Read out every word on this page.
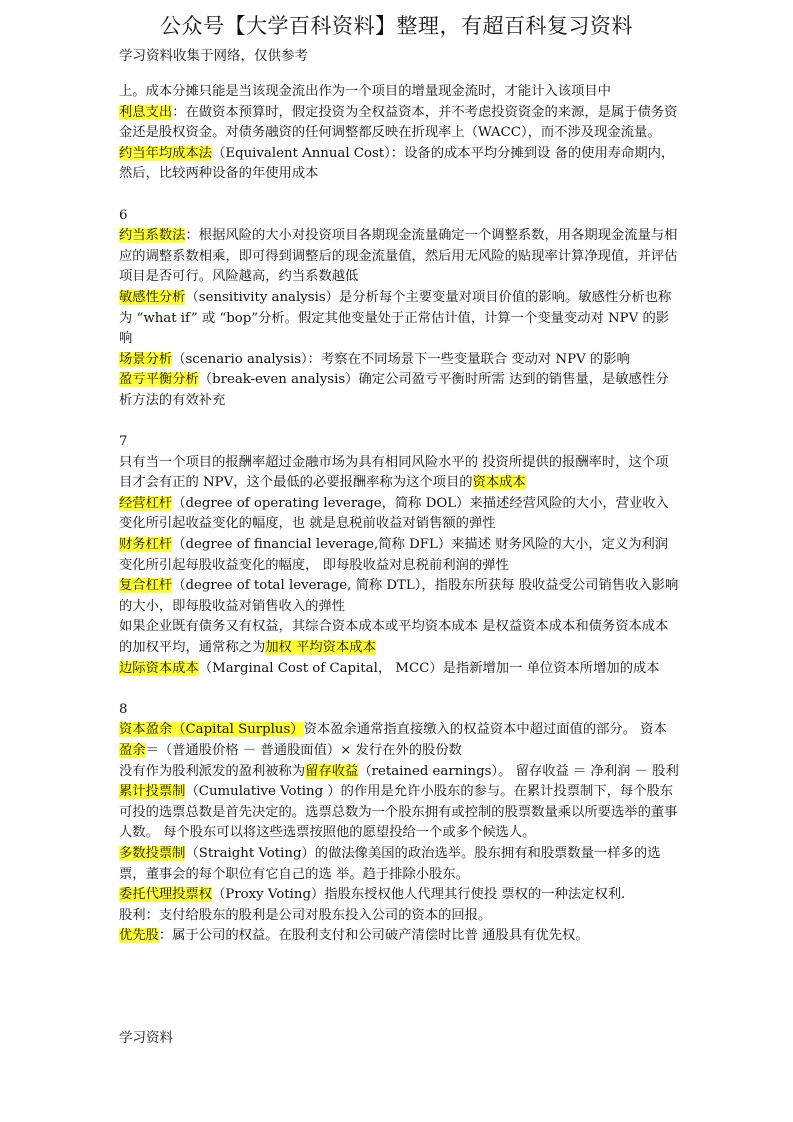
公众号【大学百科资料】整理，有超百科复习资料
学习资料收集于网络，仅供参考

上。成本分摊只能是当该现金流出作为一个项目的增量现金流时，才能计入该项目中

利息支出：在做资本预算时，假定投资为全权益资本，并不考虑投资资金的来源，是属于债务资金还是股权资金。对债务融资的任何调整都反映在折现率上（WACC），而不涉及现金流量。

约当年均成本法（Equivalent Annual Cost）：设备的成本平均分摊到设 备的使用寿命期内，然后，比较两种设备的年使用成本

6

约当系数法：根据风险的大小对投资项目各期现金流量确定一个调整系数，用各期现金流量与相应的调整系数相乘，即可得到调整后的现金流量值，然后用无风险的贴现率计算净现值，并评估项目是否可行。风险越高，约当系数越低

敏感性分析（sensitivity analysis）是分析每个主要变量对项目价值的影响。敏感性分析也称为 “what if” 或 “bop”分析。假定其他变量处于正常估计值，计算一个变量变动对 NPV 的影响

场景分析（scenario analysis）：考察在不同场景下一些变量联合 变动对 NPV 的影响

盈亏平衡分析（break-even analysis）确定公司盈亏平衡时所需 达到的销售量，是敏感性分析方法的有效补充

7

只有当一个项目的报酬率超过金融市场为具有相同风险水平的 投资所提供的报酬率时，这个项目才会有正的 NPV，这个最低的必要报酬率称为这个项目的资本成本

经营杠杆（degree of operating leverage，简称 DOL）来描述经营风险的大小，营业收入变化所引起收益变化的幅度，也 就是息税前收益对销售额的弹性

财务杠杆（degree of financial leverage,简称 DFL）来描述 财务风险的大小，定义为利润变化所引起每股收益变化的幅度， 即每股收益对息税前利润的弹性

复合杠杆（degree of total leverage, 简称 DTL），指股东所获每 股收益受公司销售收入影响的大小，即每股收益对销售收入的弹性

如果企业既有债务又有权益，其综合资本成本或平均资本成本 是权益资本成本和债务资本成本的加权平均，通常称之为加权 平均资本成本

边际资本成本（Marginal Cost of Capital， MCC）是指新增加一 单位资本所增加的成本

8

资本盈余（Capital Surplus）资本盈余通常指直接缴入的权益资本中超过面值的部分。 资本盈余＝（普通股价格 － 普通股面值）× 发行在外的股份数

没有作为股利派发的盈利被称为留存收益（retained earnings）。 留存收益 ＝ 净利润 － 股利

累计投票制（Cumulative Voting ）的作用是允许小股东的参与。在累计投票制下，每个股东可投的选票总数是首先决定的。选票总数为一个股东拥有或控制的股票数量乘以所要选举的董事人数。 每个股东可以将这些选票按照他的愿望投给一个或多个候选人。

多数投票制（Straight Voting）的做法像美国的政治选举。股东拥有和股票数量一样多的选票，董事会的每个职位有它自己的选 举。趋于排除小股东。

委托代理投票权（Proxy Voting）指股东授权他人代理其行使投 票权的一种法定权利.

股利：支付给股东的股利是公司对股东投入公司的资本的回报。

优先股：属于公司的权益。在股利支付和公司破产清偿时比普 通股具有优先权。

学习资料
